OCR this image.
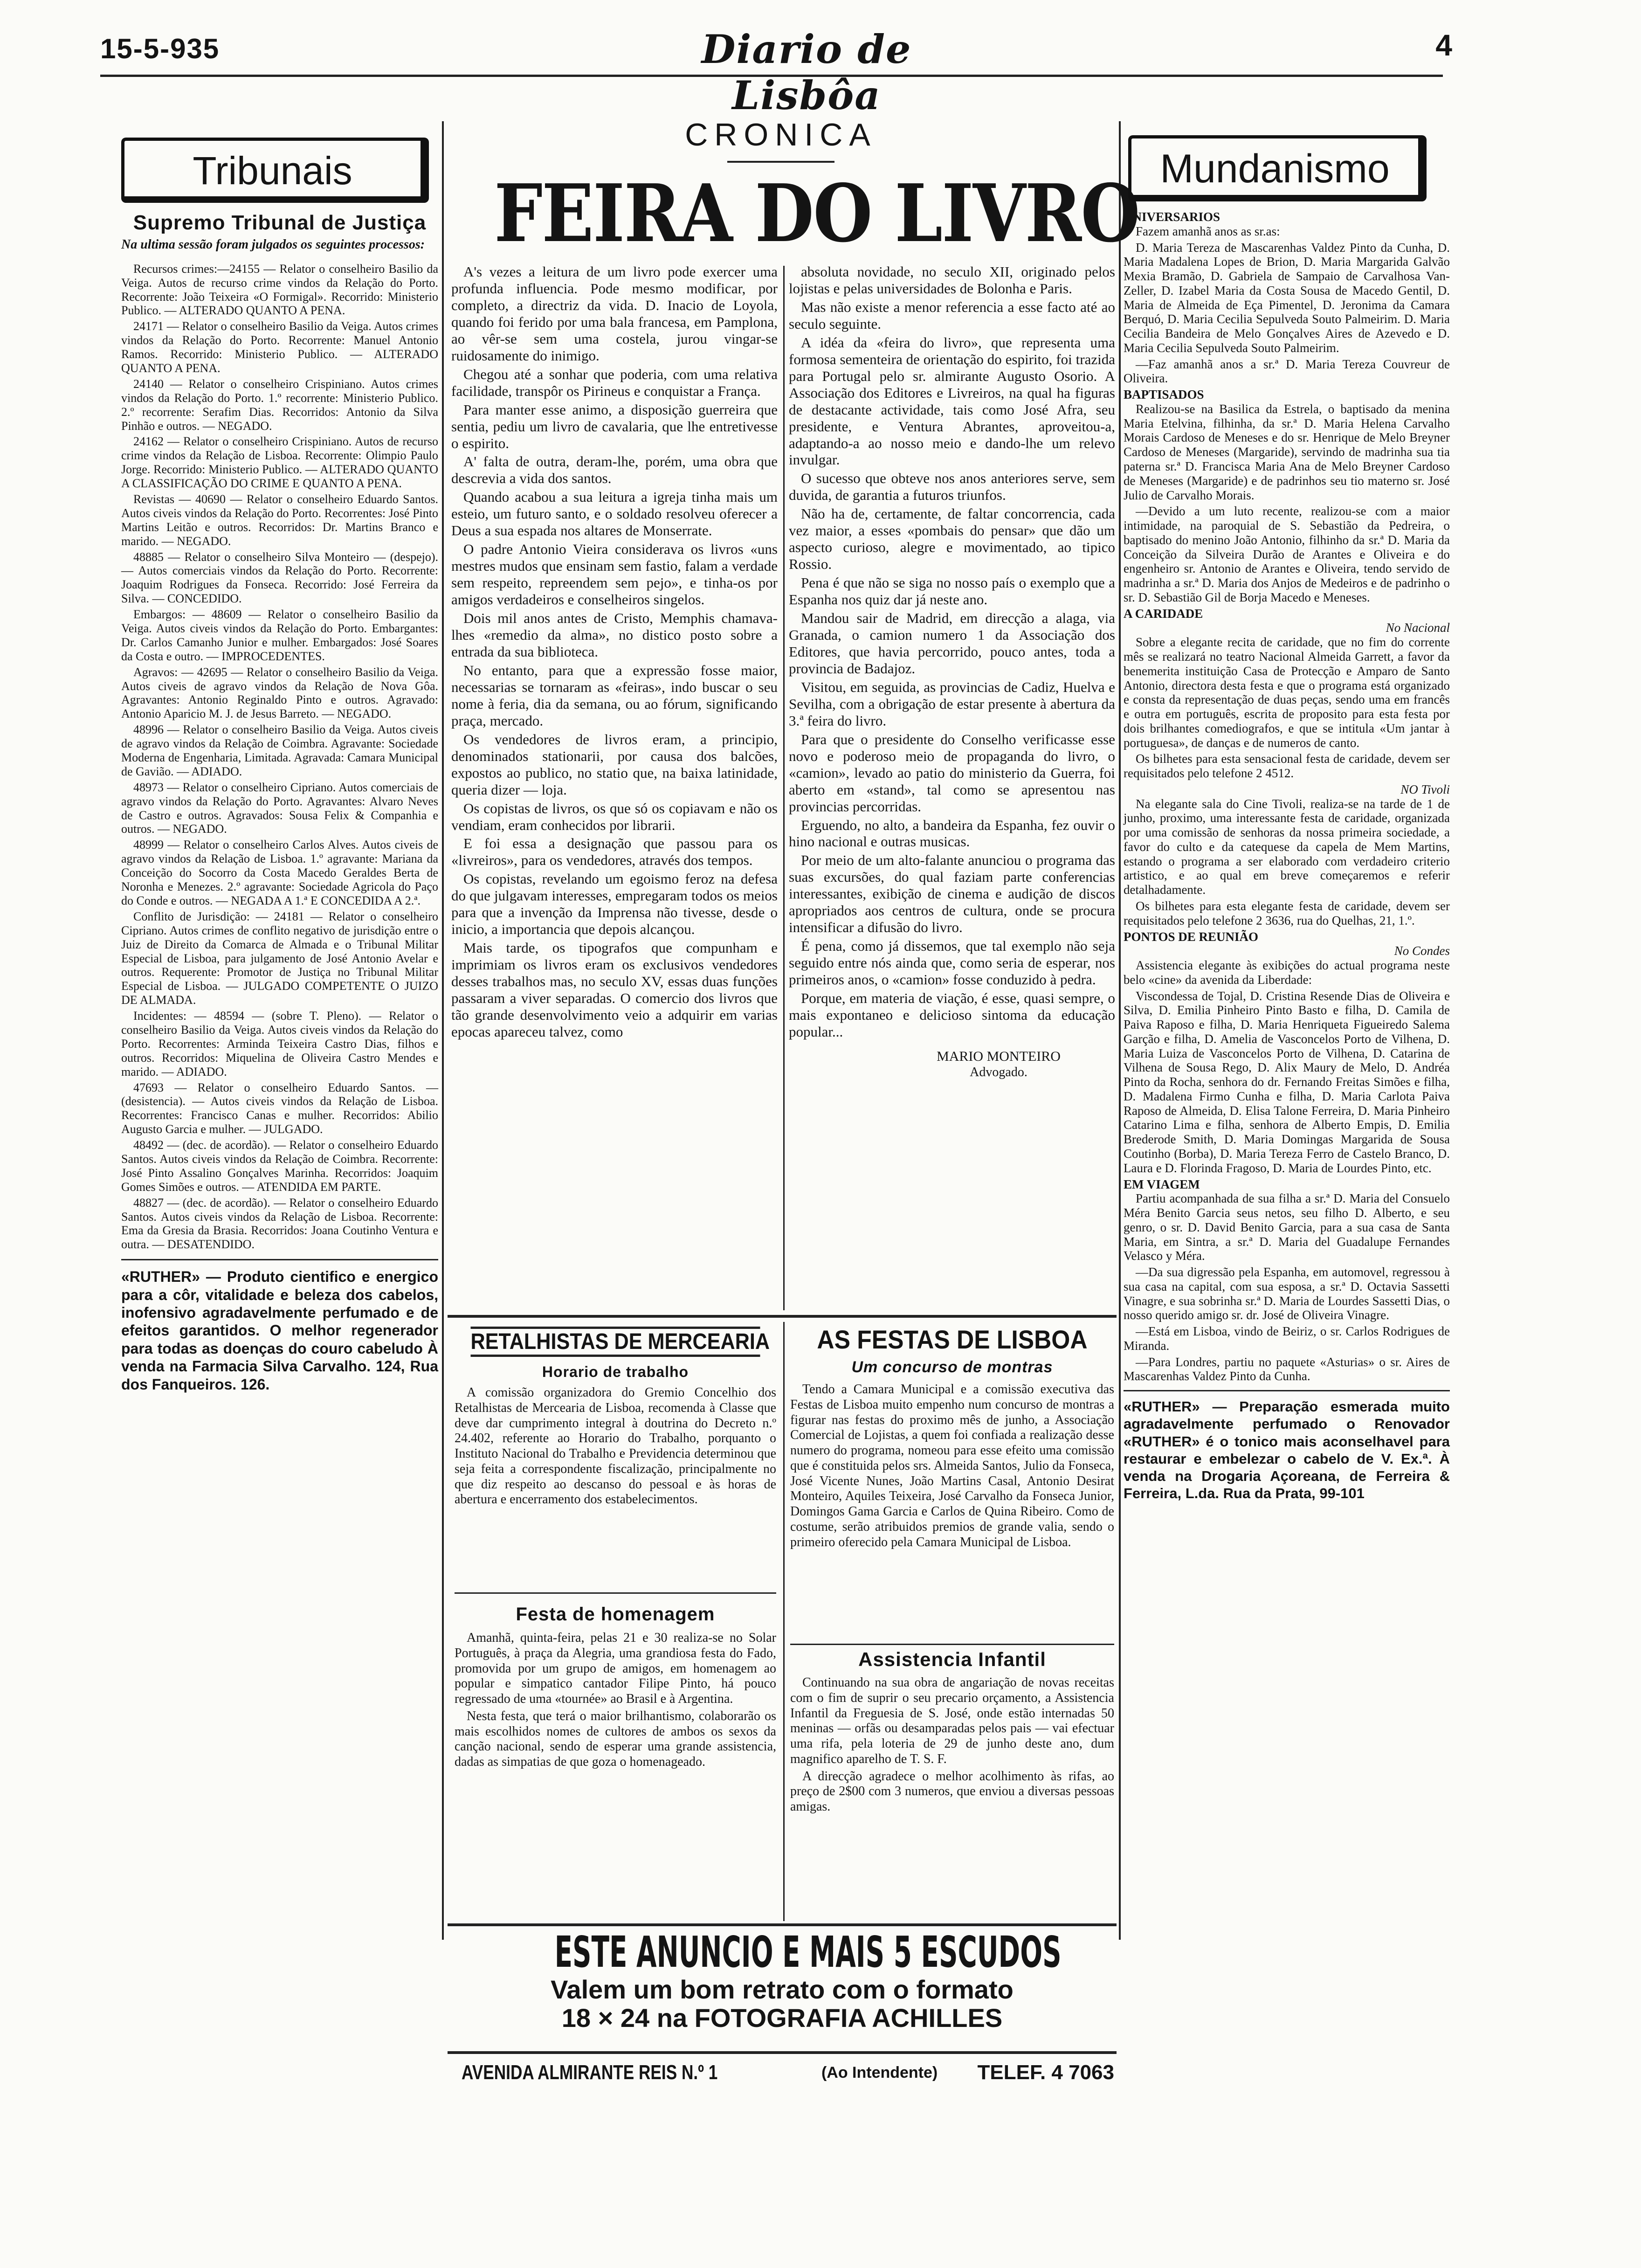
15-5-935	Diario de Lisbôa
4
Tribunais
Supremo Tribunal de Justiça
Na ultima sessão foram julgados os seguintes processos:

Recursos crimes:—24155 — Relator o conselheiro Basilio da Veiga. Autos de recurso crime vindos da Relação do Porto. Recorrente: João Teixeira «O Formigal». Recorrido: Ministerio Publico. — ALTERADO QUANTO A PENA.

24171 — Relator o conselheiro Basilio da Veiga. Autos crimes vindos da Relação do Porto. Recorrente: Manuel Antonio Ramos. Recorrido: Ministerio Publico. — ALTERADO QUANTO A PENA.

24140 — Relator o conselheiro Crispiniano. Autos crimes vindos da Relação do Porto. 1.º recorrente: Ministerio Publico. 2.º recorrente: Serafim Dias. Recorridos: Antonio da Silva Pinhão e outros. — NEGADO.

24162 — Relator o conselheiro Crispiniano. Autos de recurso crime vindos da Relação de Lisboa. Recorrente: Olimpio Paulo Jorge. Recorrido: Ministerio Publico. — ALTERADO QUANTO A CLASSIFICAÇÃO DO CRIME E QUANTO A PENA.

Revistas — 40690 — Relator o conselheiro Eduardo Santos. Autos civeis vindos da Relação do Porto. Recorrentes: José Pinto Martins Leitão e outros. Recorridos: Dr. Martins Branco e marido. — NEGADO.

48885 — Relator o conselheiro Silva Monteiro — (despejo). — Autos comerciais vindos da Relação do Porto. Recorrente: Joaquim Rodrigues da Fonseca. Recorrido: José Ferreira da Silva. — CONCEDIDO.

Embargos: — 48609 — Relator o conselheiro Basilio da Veiga. Autos civeis vindos da Relação do Porto. Embargantes: Dr. Carlos Camanho Junior e mulher. Embargados: José Soares da Costa e outro. — IMPROCEDENTES.

Agravos: — 42695 — Relator o conselheiro Basilio da Veiga. Autos civeis de agravo vindos da Relação de Nova Gôa. Agravantes: Antonio Reginaldo Pinto e outros. Agravado: Antonio Aparicio M. J. de Jesus Barreto. — NEGADO.

48996 — Relator o conselheiro Basilio da Veiga. Autos civeis de agravo vindos da Relação de Coimbra. Agravante: Sociedade Moderna de Engenharia, Limitada. Agravada: Camara Municipal de Gavião. — ADIADO.

48973 — Relator o conselheiro Cipriano. Autos comerciais de agravo vindos da Relação do Porto. Agravantes: Alvaro Neves de Castro e outros. Agravados: Sousa Felix & Companhia e outros. — NEGADO.

48999 — Relator o conselheiro Carlos Alves. Autos civeis de agravo vindos da Relação de Lisboa. 1.º agravante: Mariana da Conceição do Socorro da Costa Macedo Geraldes Berta de Noronha e Menezes. 2.º agravante: Sociedade Agricola do Paço do Conde e outros. — NEGADA A 1.ª E CONCEDIDA A 2.ª.

Conflito de Jurisdição: — 24181 — Relator o conselheiro Cipriano. Autos crimes de conflito negativo de jurisdição entre o Juiz de Direito da Comarca de Almada e o Tribunal Militar Especial de Lisboa, para julgamento de José Antonio Avelar e outros. Requerente: Promotor de Justiça no Tribunal Militar Especial de Lisboa. — JULGADO COMPETENTE O JUIZO DE ALMADA.

Incidentes: — 48594 — (sobre T. Pleno). — Relator o conselheiro Basilio da Veiga. Autos civeis vindos da Relação do Porto. Recorrentes: Arminda Teixeira Castro Dias, filhos e outros. Recorridos: Miquelina de Oliveira Castro Mendes e marido. — ADIADO.

47693 — Relator o conselheiro Eduardo Santos. — (desistencia). — Autos civeis vindos da Relação de Lisboa. Recorrentes: Francisco Canas e mulher. Recorridos: Abilio Augusto Garcia e mulher. — JULGADO.

48492 — (dec. de acordão). — Relator o conselheiro Eduardo Santos. Autos civeis vindos da Relação de Coimbra. Recorrente: José Pinto Assalino Gonçalves Marinha. Recorridos: Joaquim Gomes Simões e outros. — ATENDIDA EM PARTE.

48827 — (dec. de acordão). — Relator o conselheiro Eduardo Santos. Autos civeis vindos da Relação de Lisboa. Recorrente: Ema da Gresia da Brasia. Recorridos: Joana Coutinho Ventura e outra. — DESATENDIDO.

«RUTHER» — Produto cientifico e energico para a côr, vitalidade e beleza dos cabelos, inofensivo agradavelmente perfumado e de efeitos garantidos. O melhor regenerador para todas as doenças do couro cabeludo À venda na Farmacia Silva Carvalho. 124, Rua dos Fanqueiros. 126.
CRONICA
FEIRA DO LIVRO

A's vezes a leitura de um livro pode exercer uma profunda influencia. Pode mesmo modificar, por completo, a directriz da vida. D. Inacio de Loyola, quando foi ferido por uma bala francesa, em Pamplona, ao vêr-se sem uma costela, jurou vingar-se ruidosamente do inimigo.

Chegou até a sonhar que poderia, com uma relativa facilidade, transpôr os Pirineus e conquistar a França.

Para manter esse animo, a disposição guerreira que sentia, pediu um livro de cavalaria, que lhe entretivesse o espirito.

A' falta de outra, deram-lhe, porém, uma obra que descrevia a vida dos santos.

Quando acabou a sua leitura a igreja tinha mais um esteio, um futuro santo, e o soldado resolveu oferecer a Deus a sua espada nos altares de Monserrate.

O padre Antonio Vieira considerava os livros «uns mestres mudos que ensinam sem fastio, falam a verdade sem respeito, repreendem sem pejo», e tinha-os por amigos verdadeiros e conselheiros singelos.

Dois mil anos antes de Cristo, Memphis chamava-lhes «remedio da alma», no distico posto sobre a entrada da sua biblioteca.

No entanto, para que a expressão fosse maior, necessarias se tornaram as «feiras», indo buscar o seu nome à feria, dia da semana, ou ao fórum, significando praça, mercado.

Os vendedores de livros eram, a principio, denominados stationarii, por causa dos balcões, expostos ao publico, no statio que, na baixa latinidade, queria dizer — loja.

Os copistas de livros, os que só os copiavam e não os vendiam, eram conhecidos por librarii.

E foi essa a designação que passou para os «livreiros», para os vendedores, através dos tempos.

Os copistas, revelando um egoismo feroz na defesa do que julgavam interesses, empregaram todos os meios para que a invenção da Imprensa não tivesse, desde o inicio, a importancia que depois alcançou.

Mais tarde, os tipografos que compunham e imprimiam os livros eram os exclusivos vendedores desses trabalhos mas, no seculo XV, essas duas funções passaram a viver separadas. O comercio dos livros que tão grande desenvolvimento veio a adquirir em varias epocas apareceu talvez, como

absoluta novidade, no seculo XII, originado pelos lojistas e pelas universidades de Bolonha e Paris.

Mas não existe a menor referencia a esse facto até ao seculo seguinte.

A idéa da «feira do livro», que representa uma formosa sementeira de orientação do espirito, foi trazida para Portugal pelo sr. almirante Augusto Osorio. A Associação dos Editores e Livreiros, na qual ha figuras de destacante actividade, tais como José Afra, seu presidente, e Ventura Abrantes, aproveitou-a, adaptando-a ao nosso meio e dando-lhe um relevo invulgar.

O sucesso que obteve nos anos anteriores serve, sem duvida, de garantia a futuros triunfos.

Não ha de, certamente, de faltar concorrencia, cada vez maior, a esses «pombais do pensar» que dão um aspecto curioso, alegre e movimentado, ao tipico Rossio.

Pena é que não se siga no nosso país o exemplo que a Espanha nos quiz dar já neste ano.

Mandou sair de Madrid, em direcção a alaga, via Granada, o camion numero 1 da Associação dos Editores, que havia percorrido, pouco antes, toda a provincia de Badajoz.

Visitou, em seguida, as provincias de Cadiz, Huelva e Sevilha, com a obrigação de estar presente à abertura da 3.ª feira do livro.

Para que o presidente do Conselho verificasse esse novo e poderoso meio de propaganda do livro, o «camion», levado ao patio do ministerio da Guerra, foi aberto em «stand», tal como se apresentou nas provincias percorridas.

Erguendo, no alto, a bandeira da Espanha, fez ouvir o hino nacional e outras musicas.

Por meio de um alto-falante anunciou o programa das suas excursões, do qual faziam parte conferencias interessantes, exibição de cinema e audição de discos apropriados aos centros de cultura, onde se procura intensificar a difusão do livro.

É pena, como já dissemos, que tal exemplo não seja seguido entre nós ainda que, como seria de esperar, nos primeiros anos, o «camion» fosse conduzido à pedra.

Porque, em materia de viação, é esse, quasi sempre, o mais expontaneo e delicioso sintoma da educação popular...

MARIO MONTEIRO
Advogado.
RETALHISTAS DE MERCEARIA
Horario de trabalho

A comissão organizadora do Gremio Concelhio dos Retalhistas de Mercearia de Lisboa, recomenda à Classe que deve dar cumprimento integral à doutrina do Decreto n.º 24.402, referente ao Horario do Trabalho, porquanto o Instituto Nacional do Trabalho e Previdencia determinou que seja feita a correspondente fiscalização, principalmente no que diz respeito ao descanso do pessoal e às horas de abertura e encerramento dos estabelecimentos.

Festa de homenagem

Amanhã, quinta-feira, pelas 21 e 30 realiza-se no Solar Português, à praça da Alegria, uma grandiosa festa do Fado, promovida por um grupo de amigos, em homenagem ao popular e simpatico cantador Filipe Pinto, há pouco regressado de uma «tournée» ao Brasil e à Argentina.

Nesta festa, que terá o maior brilhantismo, colaborarão os mais escolhidos nomes de cultores de ambos os sexos da canção nacional, sendo de esperar uma grande assistencia, dadas as simpatias de que goza o homenageado.

AS FESTAS DE LISBOA
Um concurso de montras

Tendo a Camara Municipal e a comissão executiva das Festas de Lisboa muito empenho num concurso de montras a figurar nas festas do proximo mês de junho, a Associação Comercial de Lojistas, a quem foi confiada a realização desse numero do programa, nomeou para esse efeito uma comissão que é constituida pelos srs. Almeida Santos, Julio da Fonseca, José Vicente Nunes, João Martins Casal, Antonio Desirat Monteiro, Aquiles Teixeira, José Carvalho da Fonseca Junior, Domingos Gama Garcia e Carlos de Quina Ribeiro. Como de costume, serão atribuidos premios de grande valia, sendo o primeiro oferecido pela Camara Municipal de Lisboa.

Assistencia Infantil

Continuando na sua obra de angariação de novas receitas com o fim de suprir o seu precario orçamento, a Assistencia Infantil da Freguesia de S. José, onde estão internadas 50 meninas — orfãs ou desamparadas pelos pais — vai efectuar uma rifa, pela loteria de 29 de junho deste ano, dum magnifico aparelho de T. S. F.

A direcção agradece o melhor acolhimento às rifas, ao preço de 2$00 com 3 numeros, que enviou a diversas pessoas amigas.

ESTE ANUNCIO E MAIS 5 ESCUDOS
Valem um bom retrato com o formato
18 × 24 na FOTOGRAFIA ACHILLES
AVENIDA ALMIRANTE REIS N.º 1	(Ao Intendente) TELEF. 4 7063
Mundanismo
ANIVERSARIOS

Fazem amanhã anos as sr.as:

D. Maria Tereza de Mascarenhas Valdez Pinto da Cunha, D. Maria Madalena Lopes de Brion, D. Maria Margarida Galvão Mexia Bramão, D. Gabriela de Sampaio de Carvalhosa Van-Zeller, D. Izabel Maria da Costa Sousa de Macedo Gentil, D. Maria de Almeida de Eça Pimentel, D. Jeronima da Camara Berquó, D. Maria Cecilia Sepulveda Souto Palmeirim. D. Maria Cecilia Bandeira de Melo Gonçalves Aires de Azevedo e D. Maria Cecilia Sepulveda Souto Palmeirim.

—Faz amanhã anos a sr.ª D. Maria Tereza Couvreur de Oliveira.

BAPTISADOS

Realizou-se na Basilica da Estrela, o baptisado da menina Maria Etelvina, filhinha, da sr.ª D. Maria Helena Carvalho Morais Cardoso de Meneses e do sr. Henrique de Melo Breyner Cardoso de Meneses (Margaride), servindo de madrinha sua tia paterna sr.ª D. Francisca Maria Ana de Melo Breyner Cardoso de Meneses (Margaride) e de padrinhos seu tio materno sr. José Julio de Carvalho Morais.

—Devido a um luto recente, realizou-se com a maior intimidade, na paroquial de S. Sebastião da Pedreira, o baptisado do menino João Antonio, filhinho da sr.ª D. Maria da Conceição da Silveira Durão de Arantes e Oliveira e do engenheiro sr. Antonio de Arantes e Oliveira, tendo servido de madrinha a sr.ª D. Maria dos Anjos de Medeiros e de padrinho o sr. D. Sebastião Gil de Borja Macedo e Meneses.

A CARIDADE
No Nacional

Sobre a elegante recita de caridade, que no fim do corrente mês se realizará no teatro Nacional Almeida Garrett, a favor da benemerita instituição Casa de Protecção e Amparo de Santo Antonio, directora desta festa e que o programa está organizado e consta da representação de duas peças, sendo uma em francês e outra em português, escrita de proposito para esta festa por dois brilhantes comediografos, e que se intitula «Um jantar à portuguesa», de danças e de numeros de canto.

Os bilhetes para esta sensacional festa de caridade, devem ser requisitados pelo telefone 2 4512.

NO Tivoli

Na elegante sala do Cine Tivoli, realiza-se na tarde de 1 de junho, proximo, uma interessante festa de caridade, organizada por uma comissão de senhoras da nossa primeira sociedade, a favor do culto e da catequese da capela de Mem Martins, estando o programa a ser elaborado com verdadeiro criterio artistico, e ao qual em breve começaremos e referir detalhadamente.

Os bilhetes para esta elegante festa de caridade, devem ser requisitados pelo telefone 2 3636, rua do Quelhas, 21, 1.º.

PONTOS DE REUNIÃO
No Condes

Assistencia elegante às exibições do actual programa neste belo «cine» da avenida da Liberdade:

Viscondessa de Tojal, D. Cristina Resende Dias de Oliveira e Silva, D. Emilia Pinheiro Pinto Basto e filha, D. Camila de Paiva Raposo e filha, D. Maria Henriqueta Figueiredo Salema Garção e filha, D. Amelia de Vasconcelos Porto de Vilhena, D. Maria Luiza de Vasconcelos Porto de Vilhena, D. Catarina de Vilhena de Sousa Rego, D. Alix Maury de Melo, D. Andréa Pinto da Rocha, senhora do dr. Fernando Freitas Simões e filha, D. Madalena Firmo Cunha e filha, D. Maria Carlota Paiva Raposo de Almeida, D. Elisa Talone Ferreira, D. Maria Pinheiro Catarino Lima e filha, senhora de Alberto Empis, D. Emilia Brederode Smith, D. Maria Domingas Margarida de Sousa Coutinho (Borba), D. Maria Tereza Ferro de Castelo Branco, D. Laura e D. Florinda Fragoso, D. Maria de Lourdes Pinto, etc.

EM VIAGEM

Partiu acompanhada de sua filha a sr.ª D. Maria del Consuelo Méra Benito Garcia seus netos, seu filho D. Alberto, e seu genro, o sr. D. David Benito Garcia, para a sua casa de Santa Maria, em Sintra, a sr.ª D. Maria del Guadalupe Fernandes Velasco y Méra.

—Da sua digressão pela Espanha, em automovel, regressou à sua casa na capital, com sua esposa, a sr.ª D. Octavia Sassetti Vinagre, e sua sobrinha sr.ª D. Maria de Lourdes Sassetti Dias, o nosso querido amigo sr. dr. José de Oliveira Vinagre.

—Está em Lisboa, vindo de Beiriz, o sr. Carlos Rodrigues de Miranda.

—Para Londres, partiu no paquete «Asturias» o sr. Aires de Mascarenhas Valdez Pinto da Cunha.

«RUTHER» — Preparação esmerada muito agradavelmente perfumado o Renovador «RUTHER» é o tonico mais aconselhavel para restaurar e embelezar o cabelo de V. Ex.ª. À venda na Drogaria Açoreana, de Ferreira & Ferreira, L.da. Rua da Prata, 99-101
